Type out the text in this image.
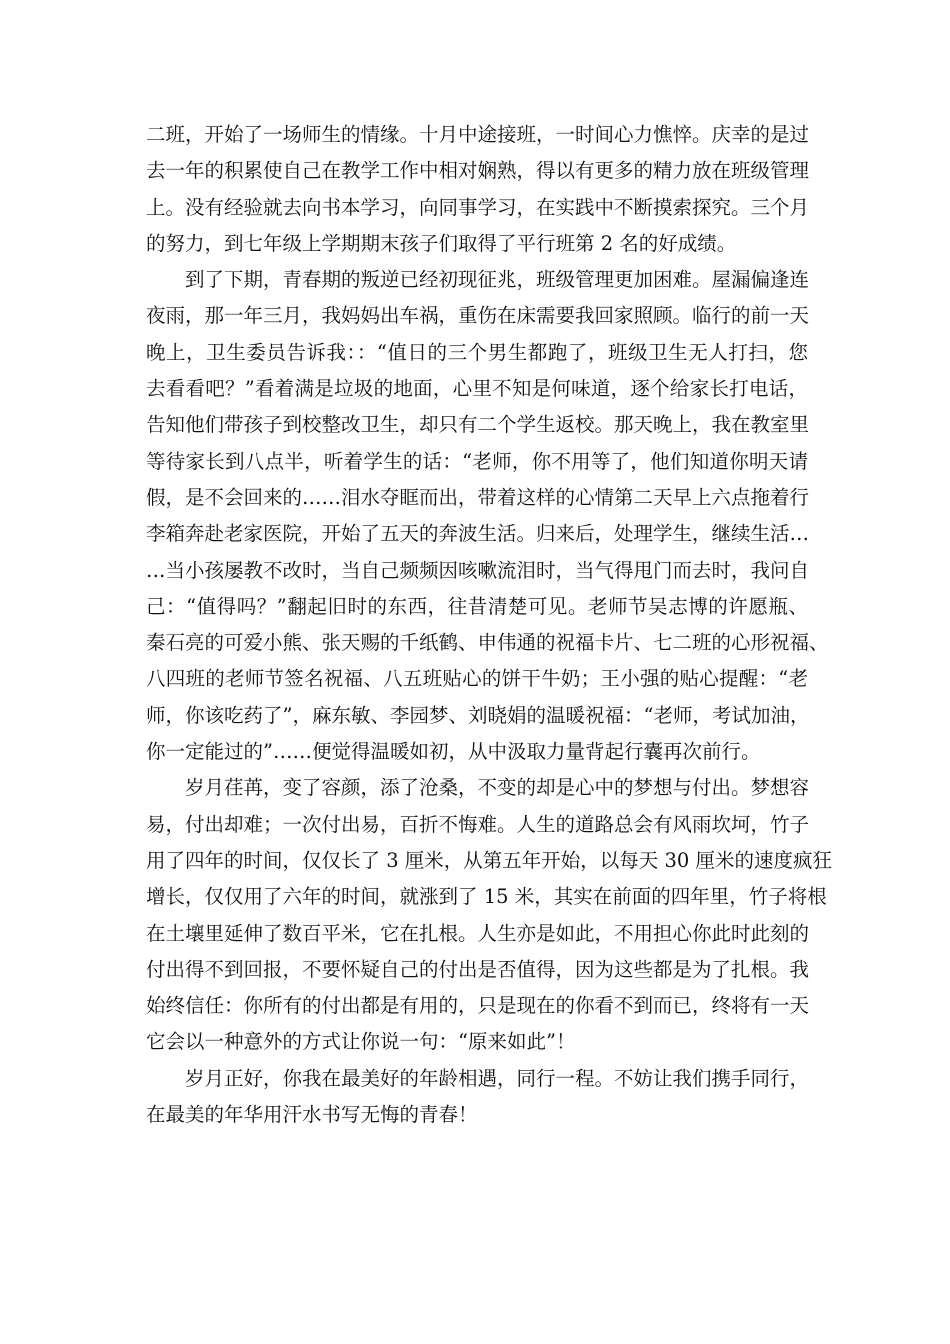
二班，开始了一场师生的情缘。十月中途接班，一时间心力憔悴。庆幸的是过
去一年的积累使自己在教学工作中相对娴熟，得以有更多的精力放在班级管理
上。没有经验就去向书本学习，向同事学习，在实践中不断摸索探究。三个月
的努力，到七年级上学期期末孩子们取得了平行班第 2 名的好成绩。
到了下期，青春期的叛逆已经初现征兆，班级管理更加困难。屋漏偏逢连
夜雨，那一年三月，我妈妈出车祸，重伤在床需要我回家照顾。临行的前一天
晚上，卫生委员告诉我：：“值日的三个男生都跑了，班级卫生无人打扫，您
去看看吧？”看着满是垃圾的地面，心里不知是何味道，逐个给家长打电话，
告知他们带孩子到校整改卫生，却只有二个学生返校。那天晚上，我在教室里
等待家长到八点半，听着学生的话：“老师，你不用等了，他们知道你明天请
假，是不会回来的……泪水夺眶而出，带着这样的心情第二天早上六点拖着行
李箱奔赴老家医院，开始了五天的奔波生活。归来后，处理学生，继续生活…
…当小孩屡教不改时，当自己频频因咳嗽流泪时，当气得甩门而去时，我问自
己：“值得吗？”翻起旧时的东西，往昔清楚可见。老师节吴志博的许愿瓶、
秦石亮的可爱小熊、张天赐的千纸鹤、申伟通的祝福卡片、七二班的心形祝福、
八四班的老师节签名祝福、八五班贴心的饼干牛奶；王小强的贴心提醒：“老
师，你该吃药了”，麻东敏、李园梦、刘晓娟的温暖祝福：“老师，考试加油，
你一定能过的”……便觉得温暖如初，从中汲取力量背起行囊再次前行。
岁月荏苒，变了容颜，添了沧桑，不变的却是心中的梦想与付出。梦想容
易，付出却难；一次付出易，百折不悔难。人生的道路总会有风雨坎坷，竹子
用了四年的时间，仅仅长了 3 厘米，从第五年开始，以每天 30 厘米的速度疯狂
增长，仅仅用了六年的时间，就涨到了 15 米，其实在前面的四年里，竹子将根
在土壤里延伸了数百平米，它在扎根。人生亦是如此，不用担心你此时此刻的
付出得不到回报，不要怀疑自己的付出是否值得，因为这些都是为了扎根。我
始终信任：你所有的付出都是有用的，只是现在的你看不到而已，终将有一天
它会以一种意外的方式让你说一句：“原来如此”！
岁月正好，你我在最美好的年龄相遇，同行一程。不妨让我们携手同行，
在最美的年华用汗水书写无悔的青春！
